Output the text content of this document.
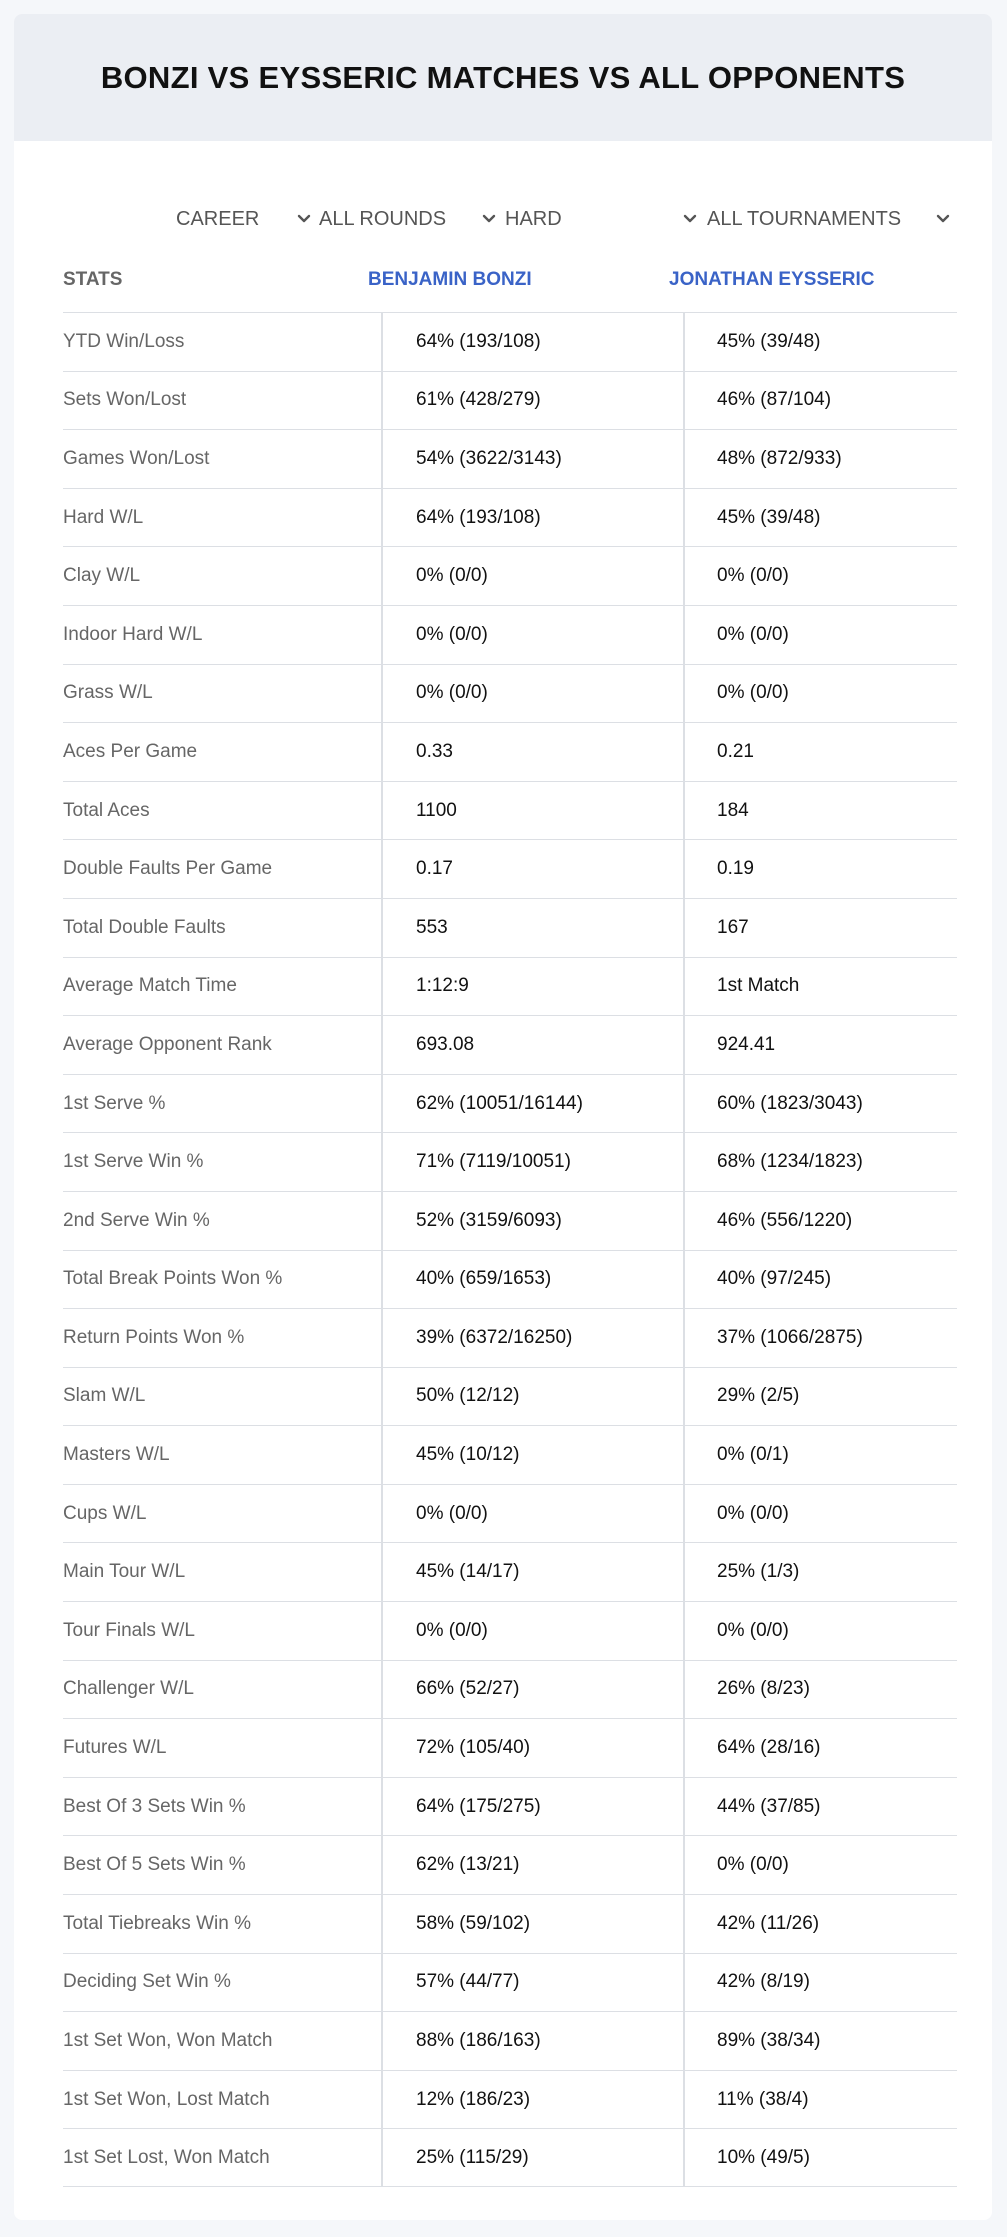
BONZI VS EYSSERIC MATCHES VS ALL OPPONENTS
CAREER	ALL ROUNDS	HARD	ALL TOURNAMENTS
STATS	BENJAMIN BONZI	JONATHAN EYSSERIC
YTD Win/Loss	64% (193/108)	45% (39/48)
Sets Won/Lost	61% (428/279)	46% (87/104)
Games Won/Lost	54% (3622/3143)	48% (872/933)
Hard W/L	64% (193/108)	45% (39/48)
Clay W/L	0% (0/0)	0% (0/0)
Indoor Hard W/L	0% (0/0)	0% (0/0)
Grass W/L	0% (0/0)	0% (0/0)
Aces Per Game	0.33	0.21
Total Aces	1100	184
Double Faults Per Game	0.17	0.19
Total Double Faults	553	167
Average Match Time	1:12:9	1st Match
Average Opponent Rank	693.08	924.41
1st Serve %	62% (10051/16144)	60% (1823/3043)
1st Serve Win %	71% (7119/10051)	68% (1234/1823)
2nd Serve Win %	52% (3159/6093)	46% (556/1220)
Total Break Points Won %	40% (659/1653)	40% (97/245)
Return Points Won %	39% (6372/16250)	37% (1066/2875)
Slam W/L	50% (12/12)	29% (2/5)
Masters W/L	45% (10/12)	0% (0/1)
Cups W/L	0% (0/0)	0% (0/0)
Main Tour W/L	45% (14/17)	25% (1/3)
Tour Finals W/L	0% (0/0)	0% (0/0)
Challenger W/L	66% (52/27)	26% (8/23)
Futures W/L	72% (105/40)	64% (28/16)
Best Of 3 Sets Win %	64% (175/275)	44% (37/85)
Best Of 5 Sets Win %	62% (13/21)	0% (0/0)
Total Tiebreaks Win %	58% (59/102)	42% (11/26)
Deciding Set Win %	57% (44/77)	42% (8/19)
1st Set Won, Won Match	88% (186/163)	89% (38/34)
1st Set Won, Lost Match	12% (186/23)	11% (38/4)
1st Set Lost, Won Match	25% (115/29)	10% (49/5)
